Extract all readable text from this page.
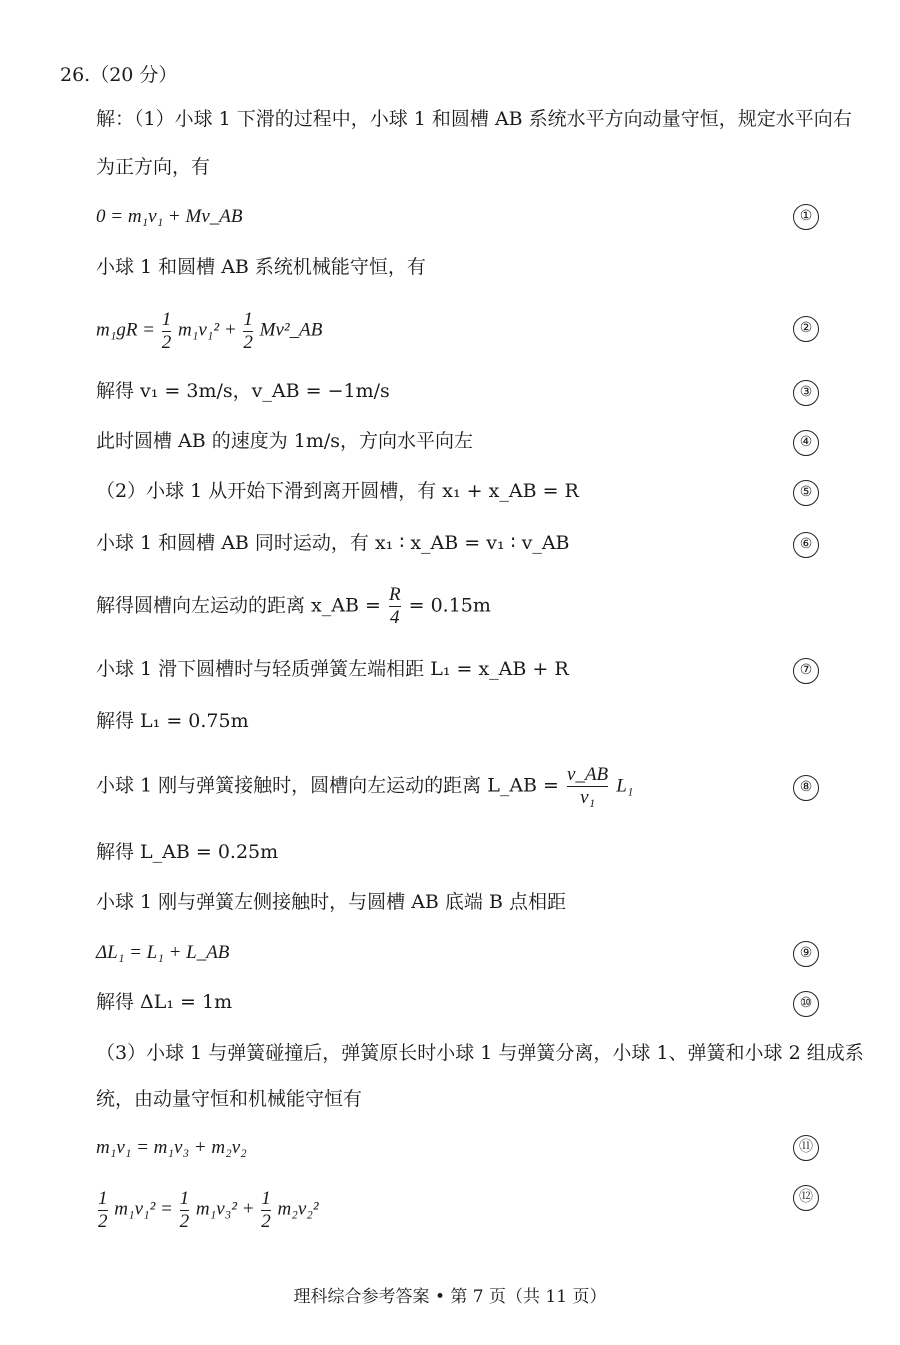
26.（20 分）
解：（1）小球 1 下滑的过程中，小球 1 和圆槽 AB 系统水平方向动量守恒，规定水平向右
为正方向，有
0 = m₁v₁ + Mv_AB	①
小球 1 和圆槽 AB 系统机械能守恒，有
$m_1gR = \frac{1}{2} m_1v_1^2 + \frac{1}{2}$ Mv²_AB	②
解得 v₁ = 3m/s，v_AB = −1m/s	③
此时圆槽 AB 的速度为 1m/s，方向水平向左	④
（2）小球 1 从开始下滑到离开圆槽，有 x₁ + x_AB = R	⑤
小球 1 和圆槽 AB 同时运动，有 x₁ ∶ x_AB = v₁ ∶ v_AB	⑥
解得圆槽向左运动的距离 x_AB = $\frac{R}{4} = 0.15m$
小球 1 滑下圆槽时与轻质弹簧左端相距 L₁ = x_AB + R	⑦
解得 L₁ = 0.75m
小球 1 刚与弹簧接触时，圆槽向左运动的距离 L_AB = $\frac{v\_AB}{\text{v₁}} L_1$	⑧
解得 L_AB = 0.25m
小球 1 刚与弹簧左侧接触时，与圆槽 AB 底端 B 点相距
ΔL₁ = L₁ + L_AB	⑨
解得 ΔL₁ = 1m	⑩
（3）小球 1 与弹簧碰撞后，弹簧原长时小球 1 与弹簧分离，小球 1、弹簧和小球 2 组成系
统，由动量守恒和机械能守恒有
m₁v₁ = m₁v₃ + m₂v₂	⑪
$\frac{1}{2} m_1v_1^2 = \frac{1}{2} m_1v_3^2 + \frac{1}{2} m_2v_2^2$
⑫
理科综合参考答案 • 第 7 页（共 11 页）
